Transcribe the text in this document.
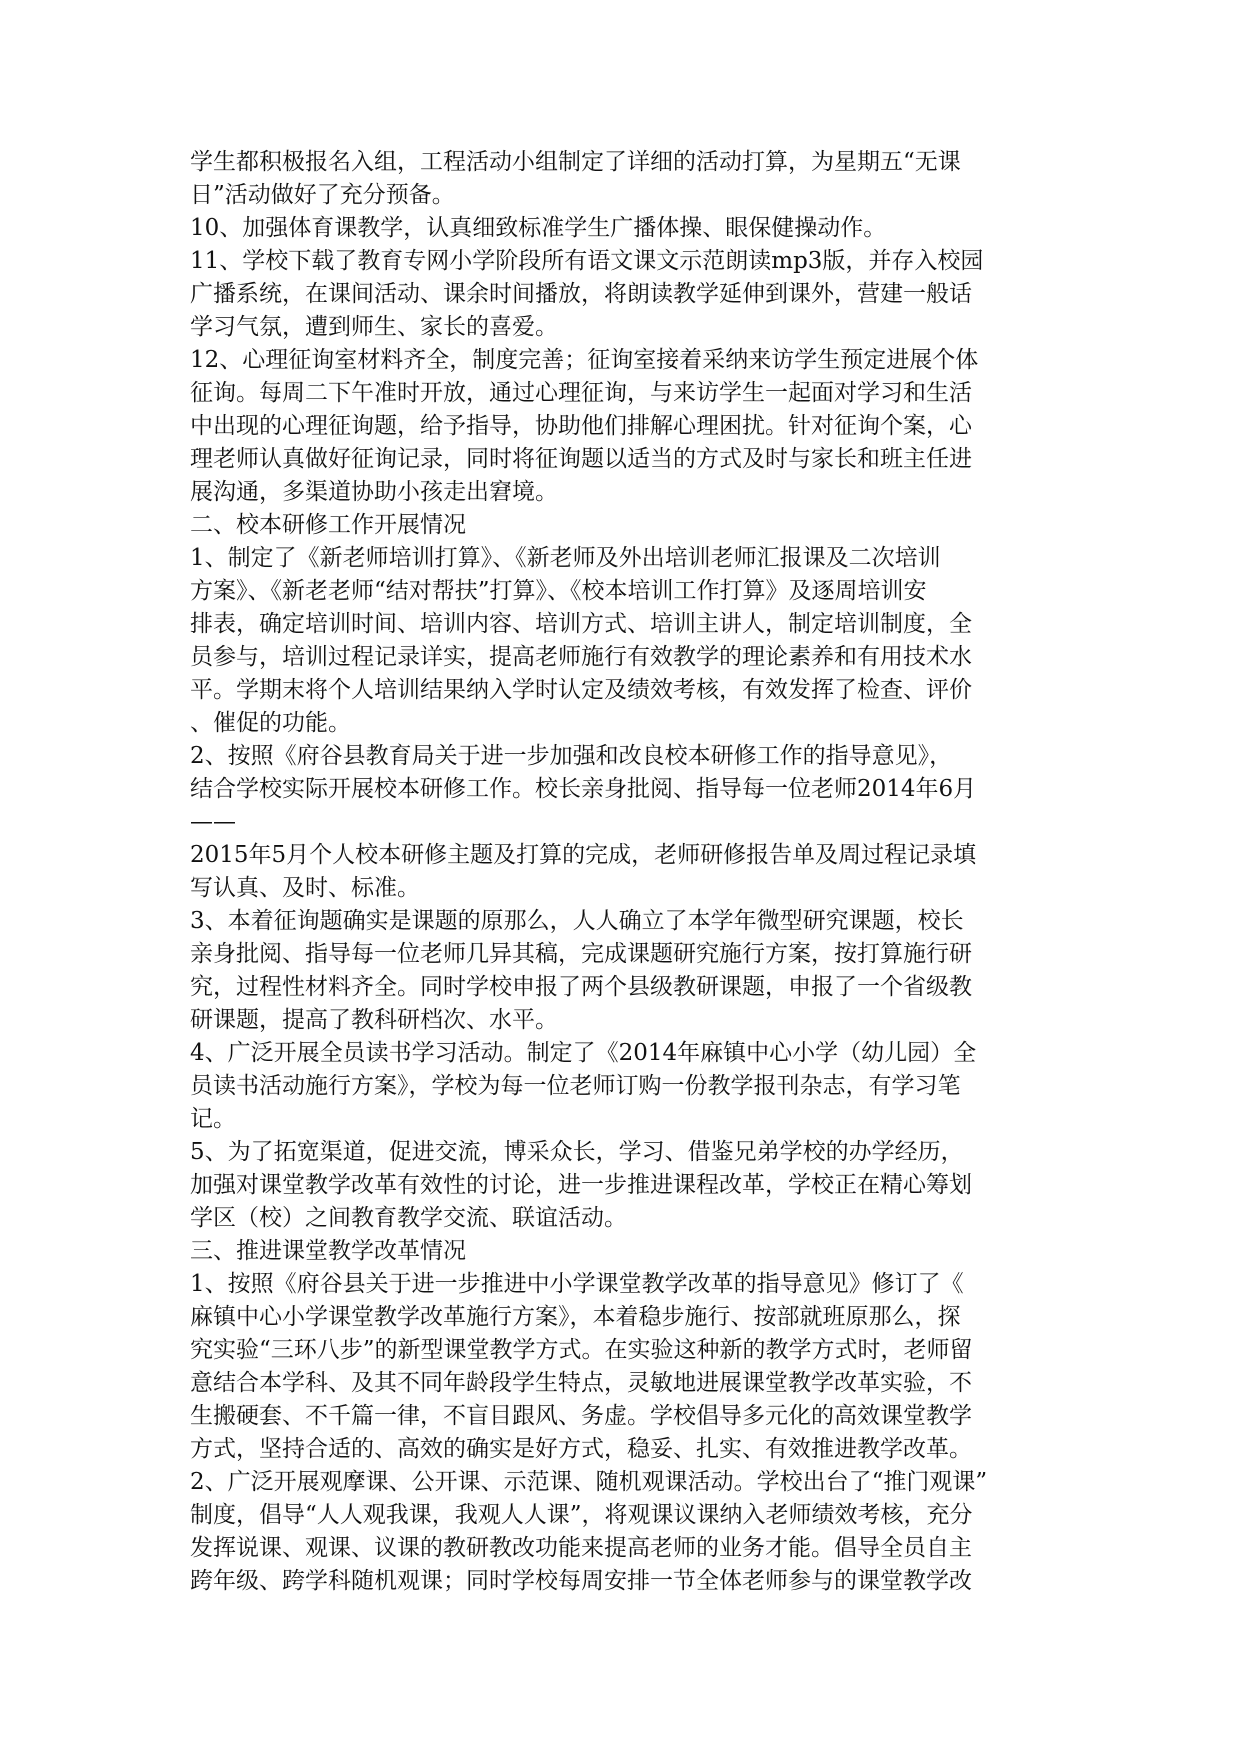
学生都积极报名入组，工程活动小组制定了详细的活动打算，为星期五“无课
日”活动做好了充分预备。
10、加强体育课教学，认真细致标准学生广播体操、眼保健操动作。
11、学校下载了教育专网小学阶段所有语文课文示范朗读mp3版，并存入校园
广播系统，在课间活动、课余时间播放，将朗读教学延伸到课外，营建一般话
学习气氛，遭到师生、家长的喜爱。
12、心理征询室材料齐全，制度完善；征询室接着采纳来访学生预定进展个体
征询。每周二下午准时开放，通过心理征询，与来访学生一起面对学习和生活
中出现的心理征询题，给予指导，协助他们排解心理困扰。针对征询个案，心
理老师认真做好征询记录，同时将征询题以适当的方式及时与家长和班主任进
展沟通，多渠道协助小孩走出窘境。
二、校本研修工作开展情况
1、制定了《新老师培训打算》、《新老师及外出培训老师汇报课及二次培训
方案》、《新老老师“结对帮扶”打算》、《校本培训工作打算》及逐周培训安
排表，确定培训时间、培训内容、培训方式、培训主讲人，制定培训制度，全
员参与，培训过程记录详实，提高老师施行有效教学的理论素养和有用技术水
平。学期末将个人培训结果纳入学时认定及绩效考核，有效发挥了检查、评价
、催促的功能。
2、按照《府谷县教育局关于进一步加强和改良校本研修工作的指导意见》，
结合学校实际开展校本研修工作。校长亲身批阅、指导每一位老师2014年6月
——
2015年5月个人校本研修主题及打算的完成，老师研修报告单及周过程记录填
写认真、及时、标准。
3、本着征询题确实是课题的原那么，人人确立了本学年微型研究课题，校长
亲身批阅、指导每一位老师几异其稿，完成课题研究施行方案，按打算施行研
究，过程性材料齐全。同时学校申报了两个县级教研课题，申报了一个省级教
研课题，提高了教科研档次、水平。
4、广泛开展全员读书学习活动。制定了《2014年麻镇中心小学（幼儿园）全
员读书活动施行方案》，学校为每一位老师订购一份教学报刊杂志，有学习笔
记。
5、为了拓宽渠道，促进交流，博采众长，学习、借鉴兄弟学校的办学经历，
加强对课堂教学改革有效性的讨论，进一步推进课程改革，学校正在精心筹划
学区（校）之间教育教学交流、联谊活动。
三、推进课堂教学改革情况
1、按照《府谷县关于进一步推进中小学课堂教学改革的指导意见》修订了《
麻镇中心小学课堂教学改革施行方案》，本着稳步施行、按部就班原那么，探
究实验“三环八步”的新型课堂教学方式。在实验这种新的教学方式时，老师留
意结合本学科、及其不同年龄段学生特点，灵敏地进展课堂教学改革实验，不
生搬硬套、不千篇一律，不盲目跟风、务虚。学校倡导多元化的高效课堂教学
方式，坚持合适的、高效的确实是好方式，稳妥、扎实、有效推进教学改革。
2、广泛开展观摩课、公开课、示范课、随机观课活动。学校出台了“推门观课”
制度，倡导“人人观我课，我观人人课”，将观课议课纳入老师绩效考核，充分
发挥说课、观课、议课的教研教改功能来提高老师的业务才能。倡导全员自主
跨年级、跨学科随机观课；同时学校每周安排一节全体老师参与的课堂教学改
